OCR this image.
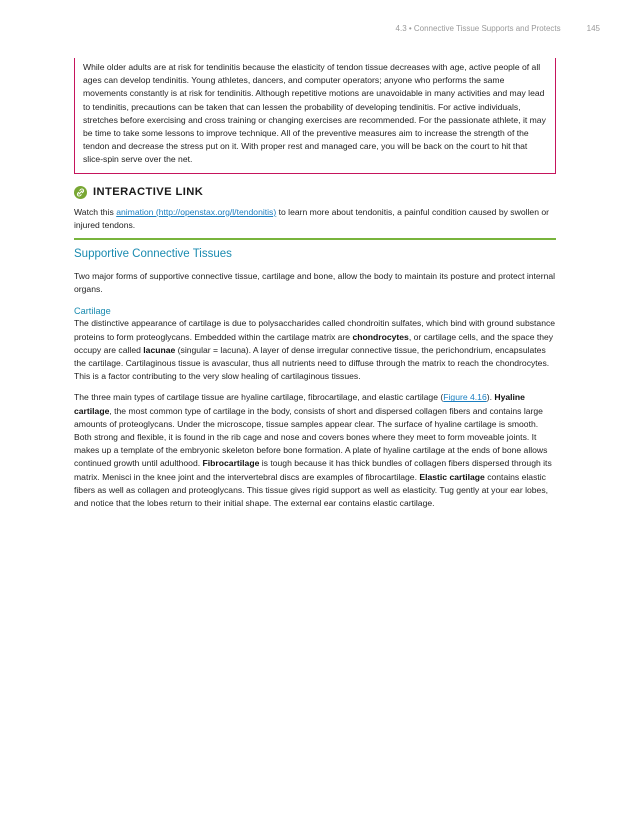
4.3 • Connective Tissue Supports and Protects	145

While older adults are at risk for tendinitis because the elasticity of tendon tissue decreases with age, active people of all ages can develop tendinitis. Young athletes, dancers, and computer operators; anyone who performs the same movements constantly is at risk for tendinitis. Although repetitive motions are unavoidable in many activities and may lead to tendinitis, precautions can be taken that can lessen the probability of developing tendinitis. For active individuals, stretches before exercising and cross training or changing exercises are recommended. For the passionate athlete, it may be time to take some lessons to improve technique. All of the preventive measures aim to increase the strength of the tendon and decrease the stress put on it. With proper rest and managed care, you will be back on the court to hit that slice-spin serve over the net.

INTERACTIVE LINK

Watch this animation (http://openstax.org/l/tendonitis) to learn more about tendonitis, a painful condition caused by swollen or injured tendons.

Supportive Connective Tissues

Two major forms of supportive connective tissue, cartilage and bone, allow the body to maintain its posture and protect internal organs.

Cartilage

The distinctive appearance of cartilage is due to polysaccharides called chondroitin sulfates, which bind with ground substance proteins to form proteoglycans. Embedded within the cartilage matrix are chondrocytes, or cartilage cells, and the space they occupy are called lacunae (singular = lacuna). A layer of dense irregular connective tissue, the perichondrium, encapsulates the cartilage. Cartilaginous tissue is avascular, thus all nutrients need to diffuse through the matrix to reach the chondrocytes. This is a factor contributing to the very slow healing of cartilaginous tissues.

The three main types of cartilage tissue are hyaline cartilage, fibrocartilage, and elastic cartilage (Figure 4.16). Hyaline cartilage, the most common type of cartilage in the body, consists of short and dispersed collagen fibers and contains large amounts of proteoglycans. Under the microscope, tissue samples appear clear. The surface of hyaline cartilage is smooth. Both strong and flexible, it is found in the rib cage and nose and covers bones where they meet to form moveable joints. It makes up a template of the embryonic skeleton before bone formation. A plate of hyaline cartilage at the ends of bone allows continued growth until adulthood. Fibrocartilage is tough because it has thick bundles of collagen fibers dispersed through its matrix. Menisci in the knee joint and the intervertebral discs are examples of fibrocartilage. Elastic cartilage contains elastic fibers as well as collagen and proteoglycans. This tissue gives rigid support as well as elasticity. Tug gently at your ear lobes, and notice that the lobes return to their initial shape. The external ear contains elastic cartilage.
